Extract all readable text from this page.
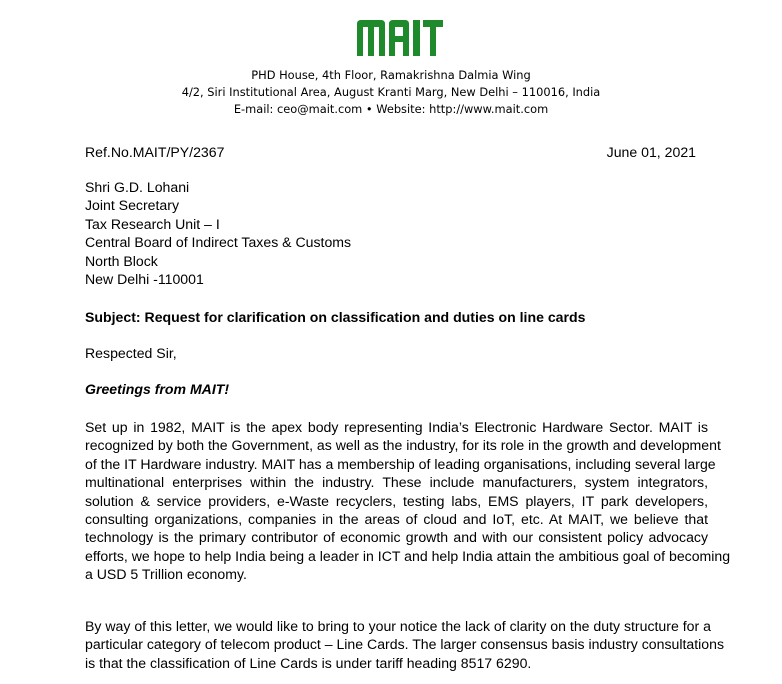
PHD House, 4th Floor, Ramakrishna Dalmia Wing
4/2, Siri Institutional Area, August Kranti Marg, New Delhi – 110016, India
E-mail: ceo@mait.com • Website: http://www.mait.com
Ref.No.MAIT/PY/2367	June 01, 2021
Shri G.D. Lohani
Joint Secretary
Tax Research Unit – I
Central Board of Indirect Taxes & Customs
North Block
New Delhi -110001
Subject: Request for clarification on classification and duties on line cards
Respected Sir,
Greetings from MAIT!
Set up in 1982, MAIT is the apex body representing India’s Electronic Hardware Sector. MAIT is
recognized by both the Government, as well as the industry, for its role in the growth and development
of the IT Hardware industry. MAIT has a membership of leading organisations, including several large
multinational enterprises within the industry. These include manufacturers, system integrators,
solution & service providers, e-Waste recyclers, testing labs, EMS players, IT park developers,
consulting organizations, companies in the areas of cloud and IoT, etc. At MAIT, we believe that
technology is the primary contributor of economic growth and with our consistent policy advocacy
efforts, we hope to help India being a leader in ICT and help India attain the ambitious goal of becoming
a USD 5 Trillion economy.
By way of this letter, we would like to bring to your notice the lack of clarity on the duty structure for a
particular category of telecom product – Line Cards. The larger consensus basis industry consultations
is that the classification of Line Cards is under tariff heading 8517 6290.
